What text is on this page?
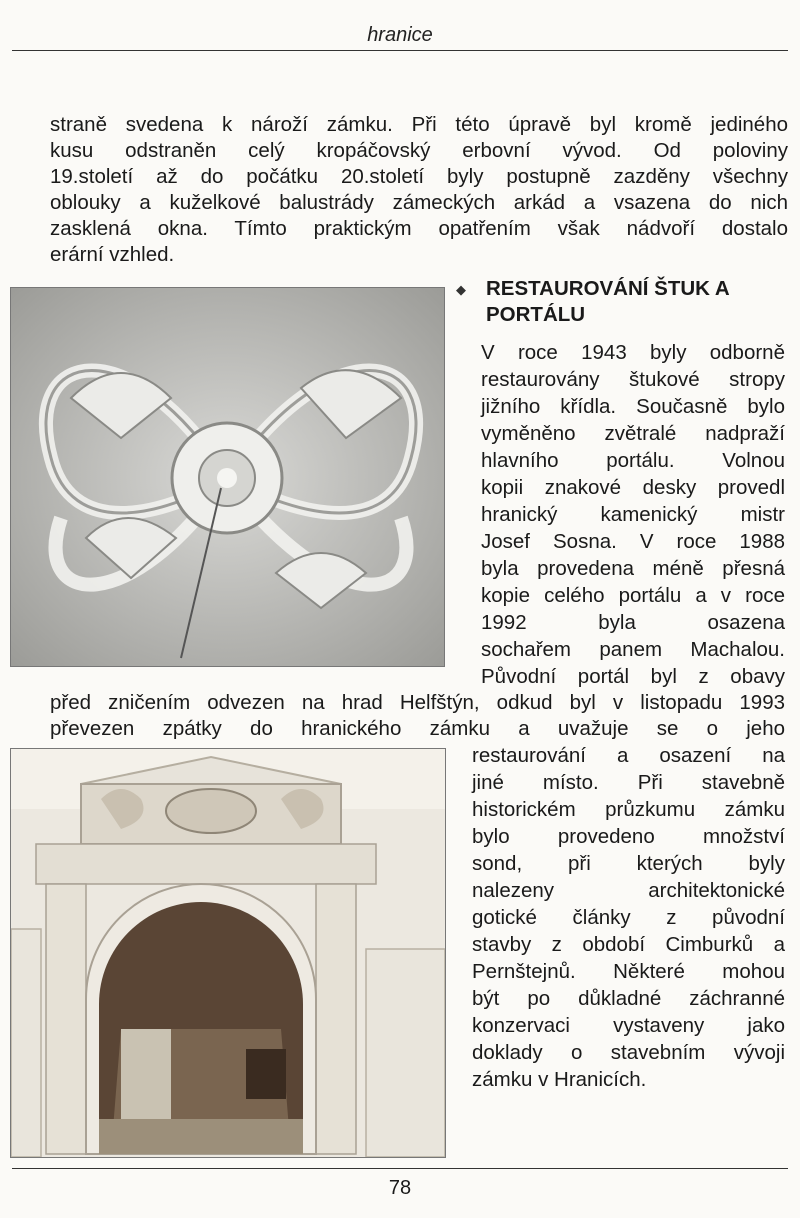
hranice
straně svedena k nároží zámku. Při této úpravě byl kromě jediného
kusu odstraněn celý kropáčovský erbovní vývod. Od poloviny
19.století až do počátku 20.století byly postupně zazděny všechny
oblouky a kuželkové balustrády zámeckých arkád a vsazena do nich
zasklená okna. Tímto praktickým opatřením však nádvoří dostalo
erární vzhled.
◆ RESTAUROVÁNÍ ŠTUK A
PORTÁLU
V roce 1943 byly odborně
restaurovány štukové stropy
jižního křídla. Současně bylo
vyměněno zvětralé nadpraží
hlavního portálu. Volnou
kopii znakové desky provedl
hranický kamenický mistr
Josef Sosna. V roce 1988
byla provedena méně přesná
kopie celého portálu a v roce
1992 byla osazena
sochařem panem Machalou.
Původní portál byl z obavy
před zničením odvezen na hrad Helfštýn, odkud byl v listopadu 1993
převezen zpátky do hranického zámku a uvažuje se o jeho
restaurování a osazení na
jiné místo. Při stavebně
historickém průzkumu zámku
bylo provedeno množství
sond, při kterých byly
nalezeny architektonické
gotické články z původní
stavby z období Cimburků a
Pernštejnů. Některé mohou
být po důkladné záchranné
konzervaci vystaveny jako
doklady o stavebním vývoji
zámku v Hranicích.
78
